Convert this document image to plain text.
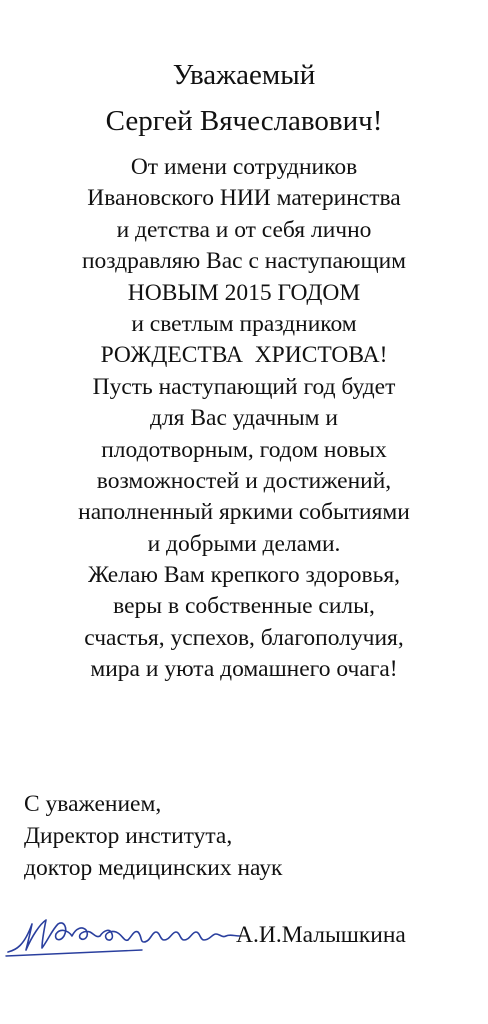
Уважаемый
Сергей Вячеславович!
От имени сотрудников
Ивановского НИИ материнства
и детства и от себя лично
поздравляю Вас с наступающим
НОВЫМ 2015 ГОДОМ
и светлым праздником
РОЖДЕСТВА  ХРИСТОВА!
Пусть наступающий год будет
для Вас удачным и
плодотворным, годом новых
возможностей и достижений,
наполненный яркими событиями
и добрыми делами.
Желаю Вам крепкого здоровья,
веры в собственные силы,
счастья, успехов, благополучия,
мира и уюта домашнего очага!
С уважением,
Директор института,
доктор медицинских наук
А.И.Малышкина
